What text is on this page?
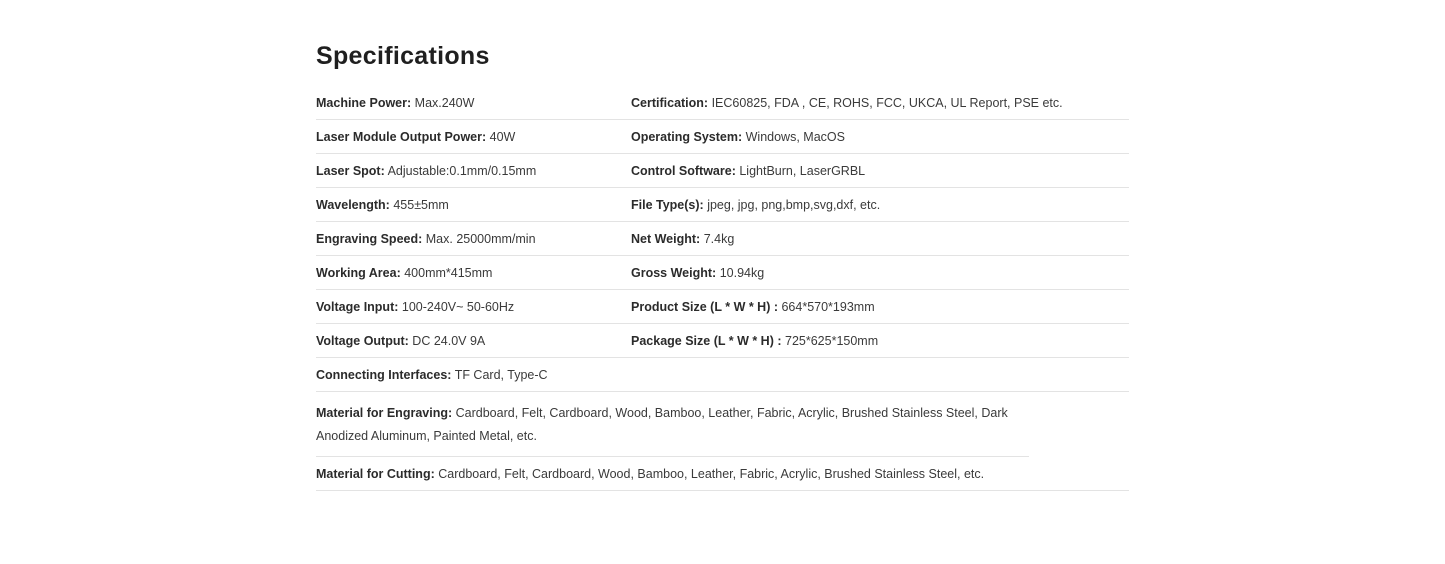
Specifications
Machine Power: Max.240W	Certification: IEC60825, FDA , CE, ROHS, FCC, UKCA, UL Report, PSE etc.
Laser Module Output Power: 40W	Operating System: Windows, MacOS
Laser Spot: Adjustable:0.1mm/0.15mm	Control Software: LightBurn, LaserGRBL
Wavelength: 455±5mm	File Type(s): jpeg, jpg, png,bmp,svg,dxf, etc.
Engraving Speed: Max. 25000mm/min	Net Weight: 7.4kg
Working Area: 400mm*415mm	Gross Weight: 10.94kg
Voltage Input: 100-240V~ 50-60Hz	Product Size (L * W * H) : 664*570*193mm
Voltage Output: DC 24.0V 9A	Package Size (L * W * H) : 725*625*150mm
Connecting Interfaces: TF Card, Type-C
Material for Engraving: Cardboard, Felt, Cardboard, Wood, Bamboo, Leather, Fabric, Acrylic, Brushed Stainless Steel, Dark Anodized Aluminum, Painted Metal, etc.
Material for Cutting: Cardboard, Felt, Cardboard, Wood, Bamboo, Leather, Fabric, Acrylic, Brushed Stainless Steel, etc.
